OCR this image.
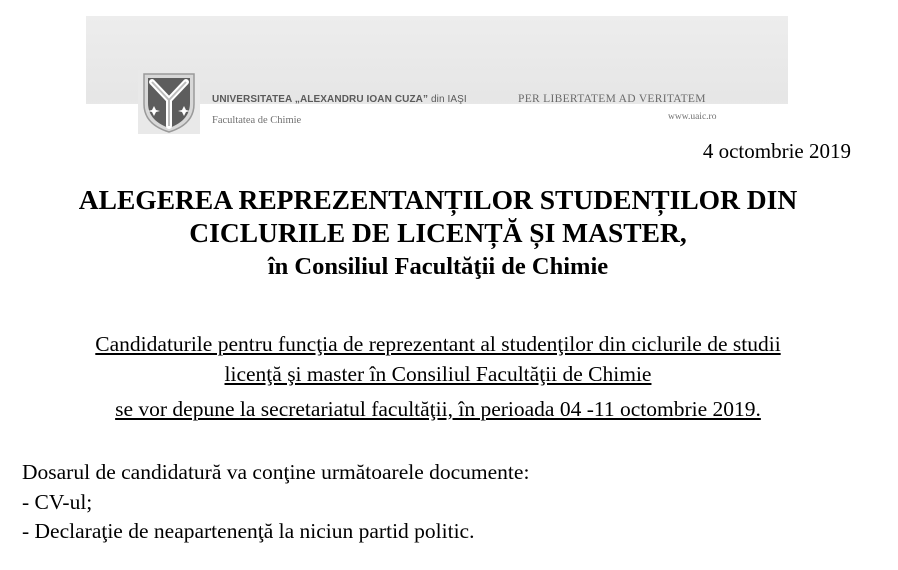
UNIVERSITATEA „ALEXANDRU IOAN CUZA” din IAŞI	PER LIBERTATEM AD VERITATEM
Facultatea de Chimie	www.uaic.ro
4 octombrie 2019
ALEGEREA REPREZENTANȚILOR STUDENȚILOR DIN
CICLURILE DE LICENȚĂ ȘI MASTER,
în Consiliul Facultăţii de Chimie
Candidaturile pentru funcţia de reprezentant al studenţilor din ciclurile de studii
licenţă şi master în Consiliul Facultăţii de Chimie
se vor depune la secretariatul facultăţii, în perioada 04 -11 octombrie 2019.
Dosarul de candidatură va conţine următoarele documente:
- CV-ul;
- Declaraţie de neapartenenţă la niciun partid politic.
